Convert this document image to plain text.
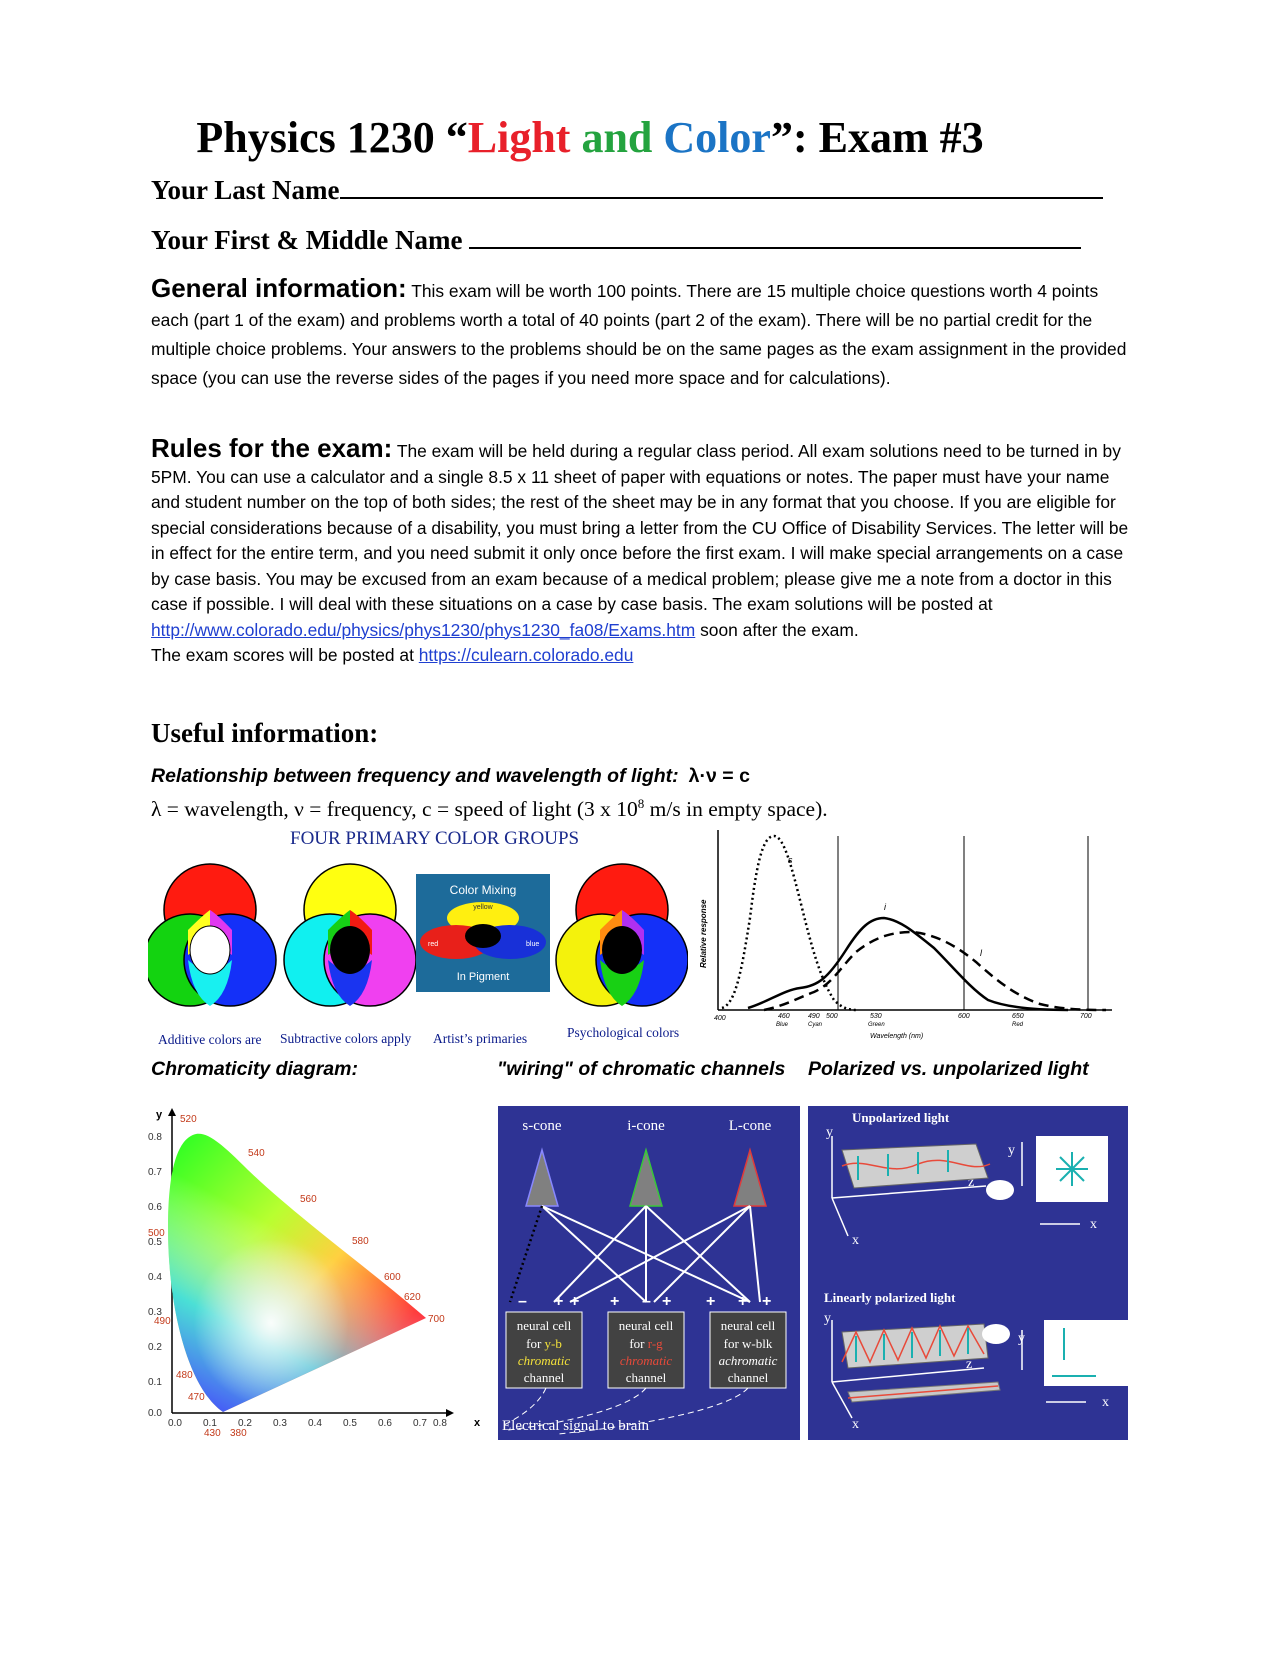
Physics 1230 “Light and Color”: Exam #3
Your Last Name
Your First & Middle Name
General information: This exam will be worth 100 points. There are 15 multiple choice questions worth 4 points each (part 1 of the exam) and problems worth a total of 40 points (part 2 of the exam). There will be no partial credit for the multiple choice problems. Your answers to the problems should be on the same pages as the exam assignment in the provided space (you can use the reverse sides of the pages if you need more space and for calculations).
Rules for the exam: The exam will be held during a regular class period. All exam solutions need to be turned in by 5PM. You can use a calculator and a single 8.5 x 11 sheet of paper with equations or notes. The paper must have your name and student number on the top of both sides; the rest of the sheet may be in any format that you choose. If you are eligible for special considerations because of a disability, you must bring a letter from the CU Office of Disability Services. The letter will be in effect for the entire term, and you need submit it only once before the first exam. I will make special arrangements on a case by case basis. You may be excused from an exam because of a medical problem; please give me a note from a doctor in this case if possible. I will deal with these situations on a case by case basis. The exam solutions will be posted at
http://www.colorado.edu/physics/phys1230/phys1230_fa08/Exams.htm soon after the exam.
The exam scores will be posted at https://culearn.colorado.edu
Useful information:
Relationship between frequency and wavelength of light: λ·ν = c
λ = wavelength, ν = frequency, c = speed of light (3 x $10^8$ m/s in empty space).
FOUR PRIMARY COLOR GROUPS
Color Mixing
yellow
red	blue
In Pigment
Additive colors are Subtractive colors apply Artist’s primaries	Psychological colors
s
i
l
Relative response
400	460
Blue
490 500
Cyan
530
Green
600	650
Red
700
Wavelength (nm)
Chromaticity diagram:	"wiring" of chromatic channels Polarized vs. unpolarized light
0.8
0.7
0.6
0.5
0.4
0.3
0.2
0.1
0.0
0.0 0.1 0.2 0.3 0.4 0.5 0.6 0.7 0.8
y
x
520
540
560
580
600
620
700
500
490
480
470
430 380
s-cone	i-cone	L-cone
– + + + – + + + +
neural cell
for y-b
chromatic
channel
neural cell
for r-g
chromatic
channel
neural cell
for w-blk
achromatic
channel
Electrical signal to brain
Unpolarized light
y
z
x
y
x
Linearly polarized light
y
z
x
y
x
